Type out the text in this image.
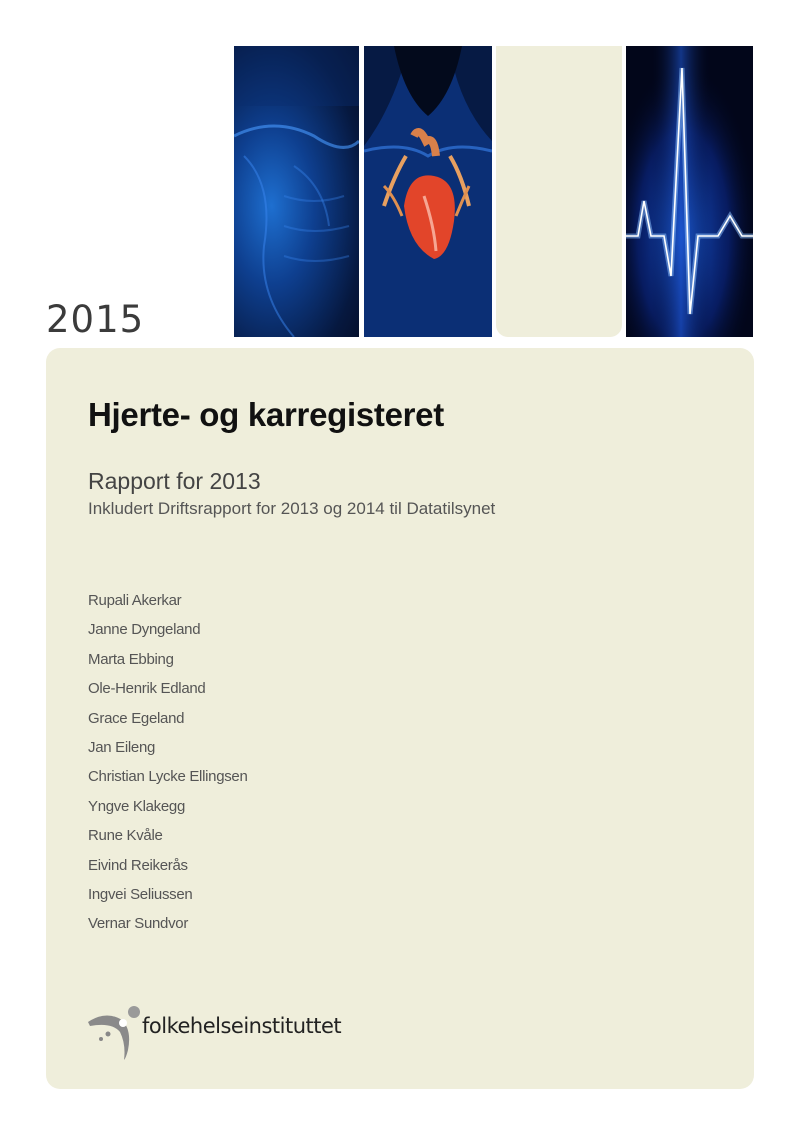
2015
Hjerte- og karregisteret
Rapport for 2013
Inkludert Driftsrapport for 2013 og 2014 til Datatilsynet
Rupali Akerkar
Janne Dyngeland
Marta Ebbing
Ole-Henrik Edland
Grace Egeland
Jan Eileng
Christian Lycke Ellingsen
Yngve Klakegg
Rune Kvåle
Eivind Reikerås
Ingvei Seliussen
Vernar Sundvor
folkehelseinstituttet
